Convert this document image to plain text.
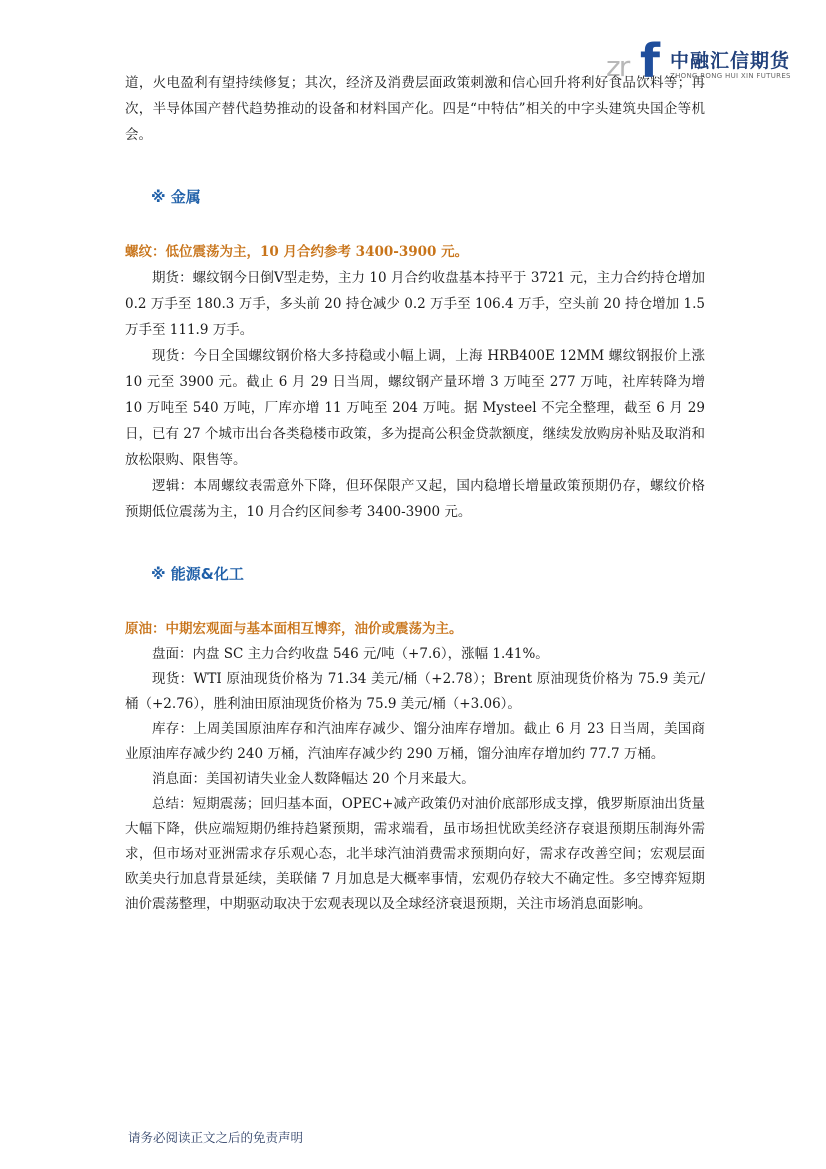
zr f 中融汇信期货
ZHONG RONG HUI XIN FUTURES

道，火电盈利有望持续修复；其次，经济及消费层面政策刺激和信心回升将利好食品饮料等；再次，半导体国产替代趋势推动的设备和材料国产化。四是“中特估”相关的中字头建筑央国企等机会。

※ 金属
螺纹：低位震荡为主，10 月合约参考 3400-3900 元。

期货：螺纹钢今日倒Ⅴ型走势，主力 10 月合约收盘基本持平于 3721 元，主力合约持仓增加 0.2 万手至 180.3 万手，多头前 20 持仓减少 0.2 万手至 106.4 万手，空头前 20 持仓增加 1.5 万手至 111.9 万手。

现货：今日全国螺纹钢价格大多持稳或小幅上调，上海 HRB400E 12MM 螺纹钢报价上涨 10 元至 3900 元。截止 6 月 29 日当周，螺纹钢产量环增 3 万吨至 277 万吨，社库转降为增 10 万吨至 540 万吨，厂库亦增 11 万吨至 204 万吨。据 Mysteel 不完全整理，截至 6 月 29 日，已有 27 个城市出台各类稳楼市政策，多为提高公积金贷款额度，继续发放购房补贴及取消和放松限购、限售等。

逻辑：本周螺纹表需意外下降，但环保限产又起，国内稳增长增量政策预期仍存，螺纹价格预期低位震荡为主，10 月合约区间参考 3400-3900 元。

※ 能源&化工
原油：中期宏观面与基本面相互博弈，油价或震荡为主。

盘面：内盘 SC 主力合约收盘 546 元/吨（+7.6），涨幅 1.41%。

现货：WTI 原油现货价格为 71.34 美元/桶（+2.78）；Brent 原油现货价格为 75.9 美元/桶（+2.76），胜利油田原油现货价格为 75.9 美元/桶（+3.06）。

库存：上周美国原油库存和汽油库存减少、馏分油库存增加。截止 6 月 23 日当周，美国商业原油库存减少约 240 万桶，汽油库存减少约 290 万桶，馏分油库存增加约 77.7 万桶。

消息面：美国初请失业金人数降幅达 20 个月来最大。

总结：短期震荡；回归基本面，OPEC+减产政策仍对油价底部形成支撑，俄罗斯原油出货量大幅下降，供应端短期仍维持趋紧预期，需求端看，虽市场担忧欧美经济存衰退预期压制海外需求，但市场对亚洲需求存乐观心态，北半球汽油消费需求预期向好，需求存改善空间；宏观层面欧美央行加息背景延续，美联储 7 月加息是大概率事情，宏观仍存较大不确定性。多空博弈短期油价震荡整理，中期驱动取决于宏观表现以及全球经济衰退预期，关注市场消息面影响。

请务必阅读正文之后的免责声明
